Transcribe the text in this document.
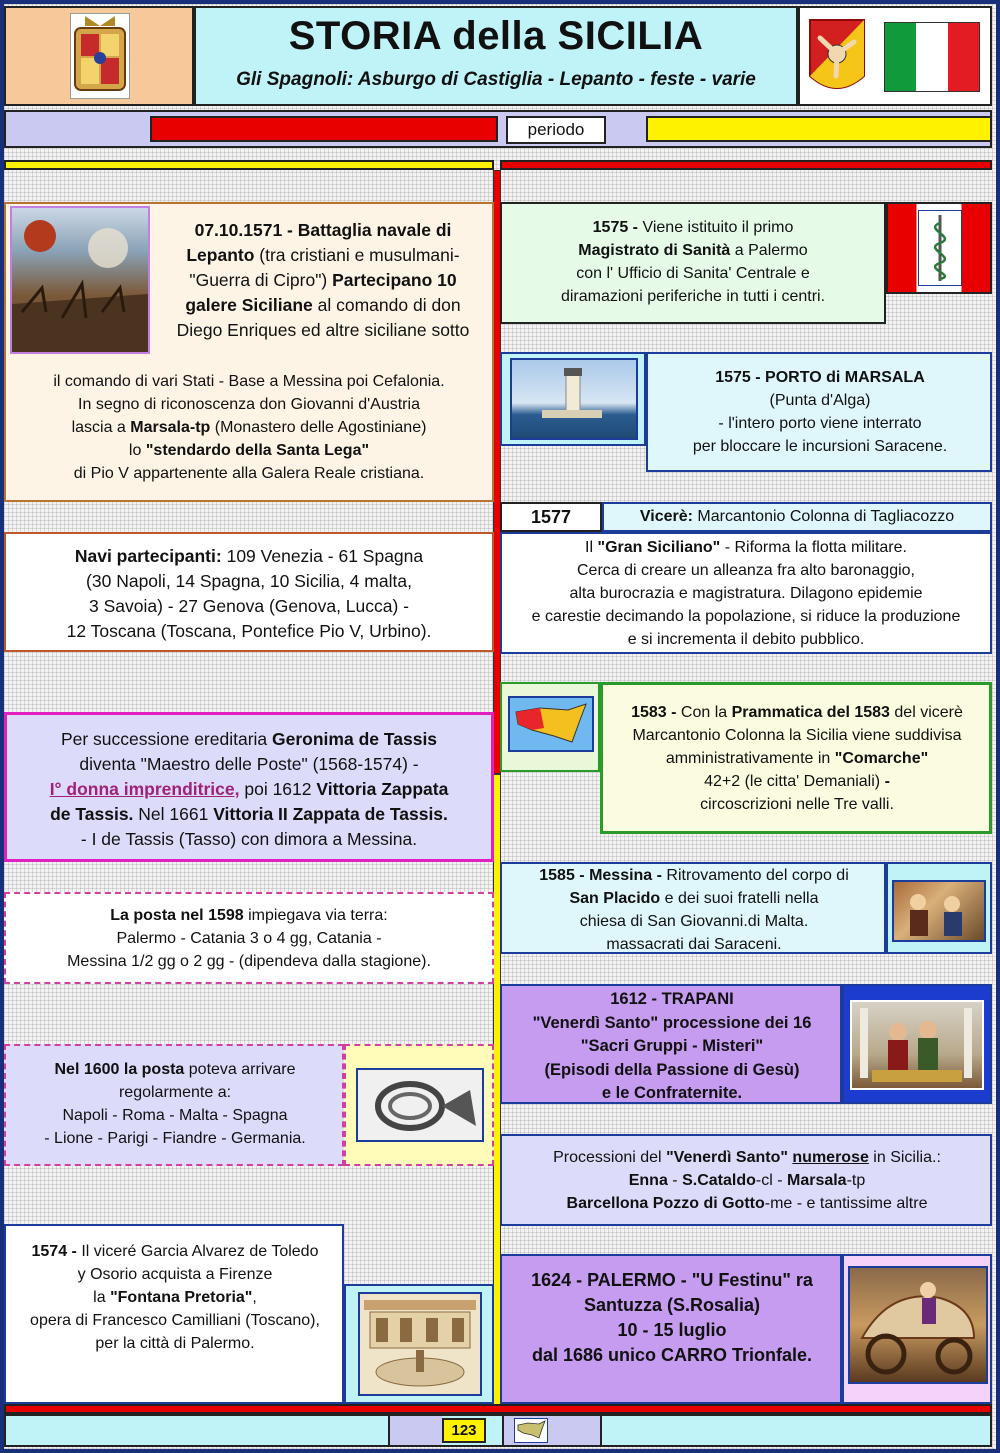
STORIA della SICILIA
Gli Spagnoli: Asburgo di Castiglia - Lepanto - feste - varie
periodo
07.10.1571 - Battaglia navale di
Lepanto (tra cristiani e musulmani-
"Guerra di Cipro") Partecipano 10
galere Siciliane al comando di don
Diego Enriques ed altre siciliane sotto
il comando di vari Stati - Base a Messina poi Cefalonia.
In segno di riconoscenza don Giovanni d'Austria
lascia a Marsala-tp (Monastero delle Agostiniane)
lo "stendardo della Santa Lega"
di Pio V appartenente alla Galera Reale cristiana.
Navi partecipanti: 109 Venezia - 61 Spagna
(30 Napoli, 14 Spagna, 10 Sicilia, 4 malta,
3 Savoia) - 27 Genova (Genova, Lucca) -
12 Toscana (Toscana, Pontefice Pio V, Urbino).
Per successione ereditaria Geronima de Tassis
diventa "Maestro delle Poste" (1568-1574) -
I° donna imprenditrice, poi 1612 Vittoria Zappata
de Tassis. Nel 1661 Vittoria II Zappata de Tassis.
- I de Tassis (Tasso) con dimora a Messina.
La posta nel 1598 impiegava via terra:
Palermo - Catania 3 o 4 gg, Catania -
Messina 1/2 gg o 2 gg - (dipendeva dalla stagione).
Nel 1600 la posta poteva arrivare
regolarmente a:
Napoli - Roma - Malta - Spagna
- Lione - Parigi - Fiandre - Germania.
1574 - Il viceré Garcia Alvarez de Toledo
y Osorio acquista a Firenze
la "Fontana Pretoria",
opera di Francesco Camilliani (Toscano),
per la città di Palermo.
1575 - Viene istituito il primo
Magistrato di Sanità a Palermo
con l' Ufficio di Sanita' Centrale e
diramazioni periferiche in tutti i centri.
1575 - PORTO di MARSALA
(Punta d'Alga)
- l'intero porto viene interrato
per bloccare le incursioni Saracene.
1577	Vicerè: Marcantonio Colonna di Tagliacozzo
Il "Gran Siciliano" - Riforma la flotta militare.
Cerca di creare un alleanza fra alto baronaggio,
alta burocrazia e magistratura. Dilagono epidemie
e carestie decimando la popolazione, si riduce la produzione
e si incrementa il debito pubblico.
1583 - Con la Prammatica del 1583 del vicerè
Marcantonio Colonna la Sicilia viene suddivisa
amministrativamente in "Comarche"
42+2 (le citta' Demaniali) -
circoscrizioni nelle Tre valli.
1585 - Messina - Ritrovamento del corpo di
San Placido e dei suoi fratelli nella
chiesa di San Giovanni.di Malta.
massacrati dai Saraceni.
1612 - TRAPANI
"Venerdì Santo" processione dei 16
"Sacri Gruppi - Misteri"
(Episodi della Passione di Gesù)
e le Confraternite.
Processioni del "Venerdì Santo" numerose in Sicilia.:
Enna - S.Cataldo-cl - Marsala-tp
Barcellona Pozzo di Gotto-me - e tantissime altre
1624 - PALERMO - "U Festinu" ra
Santuzza (S.Rosalia)
10 - 15 luglio
dal 1686 unico CARRO Trionfale.
123
